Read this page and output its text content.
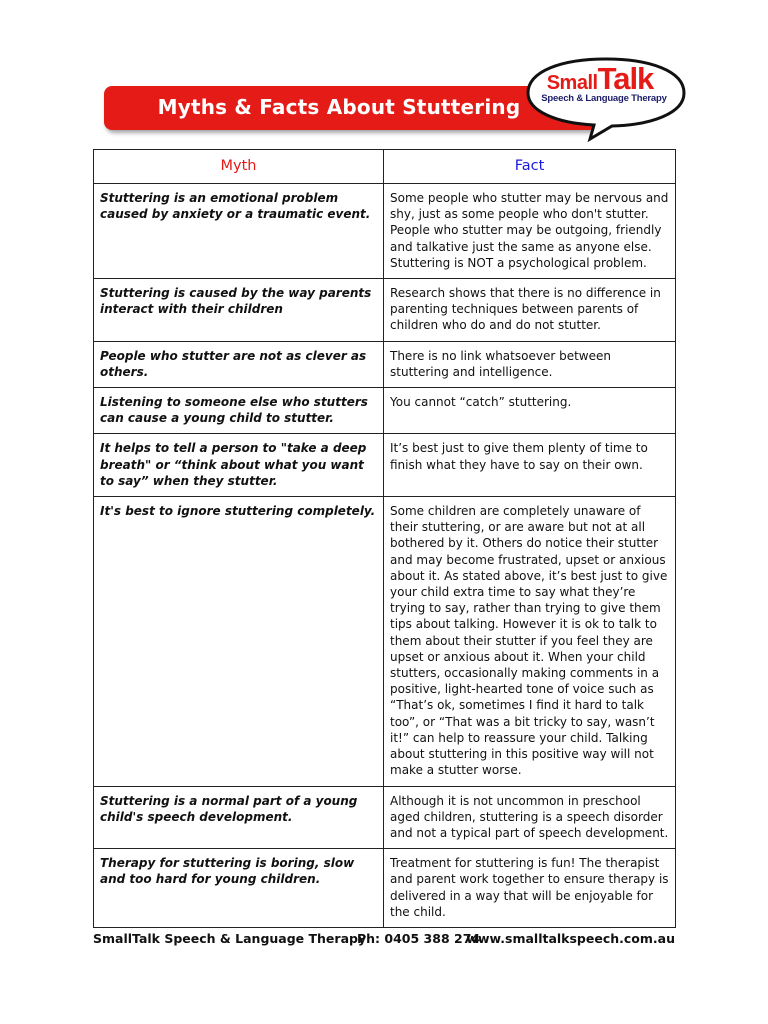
Myths & Facts About Stuttering
SmallTalk
Speech & Language Therapy
Myth	Fact
Stuttering is an emotional problem caused by anxiety or a traumatic event.	Some people who stutter may be nervous and shy, just as some people who don't stutter. People who stutter may be outgoing, friendly and talkative just the same as anyone else. Stuttering is NOT a psychological problem.
Stuttering is caused by the way parents interact with their children	Research shows that there is no difference in parenting techniques between parents of children who do and do not stutter.
People who stutter are not as clever as others.	There is no link whatsoever between stuttering and intelligence.
Listening to someone else who stutters can cause a young child to stutter.	You cannot “catch” stuttering.
It helps to tell a person to "take a deep breath" or “think about what you want to say” when they stutter.	It’s best just to give them plenty of time to finish what they have to say on their own.
It's best to ignore stuttering completely.	Some children are completely unaware of their stuttering, or are aware but not at all bothered by it. Others do notice their stutter and may become frustrated, upset or anxious about it. As stated above, it’s best just to give your child extra time to say what they’re trying to say, rather than trying to give them tips about talking. However it is ok to talk to them about their stutter if you feel they are upset or anxious about it. When your child stutters, occasionally making comments in a positive, light-hearted tone of voice such as “That’s ok, sometimes I find it hard to talk too”, or “That was a bit tricky to say, wasn’t it!” can help to reassure your child. Talking about stuttering in this positive way will not make a stutter worse.
Stuttering is a normal part of a young child's speech development.	Although it is not uncommon in preschool aged children, stuttering is a speech disorder and not a typical part of speech development.
Therapy for stuttering is boring, slow and too hard for young children.	Treatment for stuttering is fun! The therapist and parent work together to ensure therapy is delivered in a way that will be enjoyable for the child.
SmallTalk Speech & Language Therapy
Ph: 0405 388 274
www.smalltalkspeech.com.au
